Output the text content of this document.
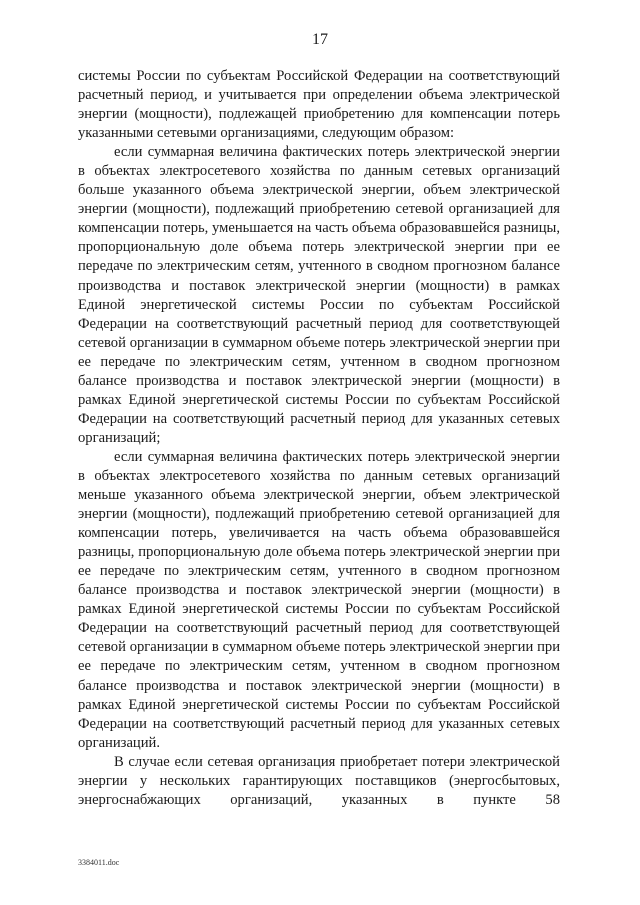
17

системы России по субъектам Российской Федерации на соответствующий расчетный период, и учитывается при определении объема электрической энергии (мощности), подлежащей приобретению для компенсации потерь указанными сетевыми организациями, следующим образом:

если суммарная величина фактических потерь электрической энергии в объектах электросетевого хозяйства по данным сетевых организаций больше указанного объема электрической энергии, объем электрической энергии (мощности), подлежащий приобретению сетевой организацией для компенсации потерь, уменьшается на часть объема образовавшейся разницы, пропорциональную доле объема потерь электрической энергии при ее передаче по электрическим сетям, учтенного в сводном прогнозном балансе производства и поставок электрической энергии (мощности) в рамках Единой энергетической системы России по субъектам Российской Федерации на соответствующий расчетный период для соответствующей сетевой организации в суммарном объеме потерь электрической энергии при ее передаче по электрическим сетям, учтенном в сводном прогнозном балансе производства и поставок электрической энергии (мощности) в рамках Единой энергетической системы России по субъектам Российской Федерации на соответствующий расчетный период для указанных сетевых организаций;

если суммарная величина фактических потерь электрической энергии в объектах электросетевого хозяйства по данным сетевых организаций меньше указанного объема электрической энергии, объем электрической энергии (мощности), подлежащий приобретению сетевой организацией для компенсации потерь, увеличивается на часть объема образовавшейся разницы, пропорциональную доле объема потерь электрической энергии при ее передаче по электрическим сетям, учтенного в сводном прогнозном балансе производства и поставок электрической энергии (мощности) в рамках Единой энергетической системы России по субъектам Российской Федерации на соответствующий расчетный период для соответствующей сетевой организации в суммарном объеме потерь электрической энергии при ее передаче по электрическим сетям, учтенном в сводном прогнозном балансе производства и поставок электрической энергии (мощности) в рамках Единой энергетической системы России по субъектам Российской Федерации на соответствующий расчетный период для указанных сетевых организаций.

В случае если сетевая организация приобретает потери электрической энергии у нескольких гарантирующих поставщиков (энергосбытовых, энергоснабжающих организаций, указанных в пункте 58

3384011.doc
